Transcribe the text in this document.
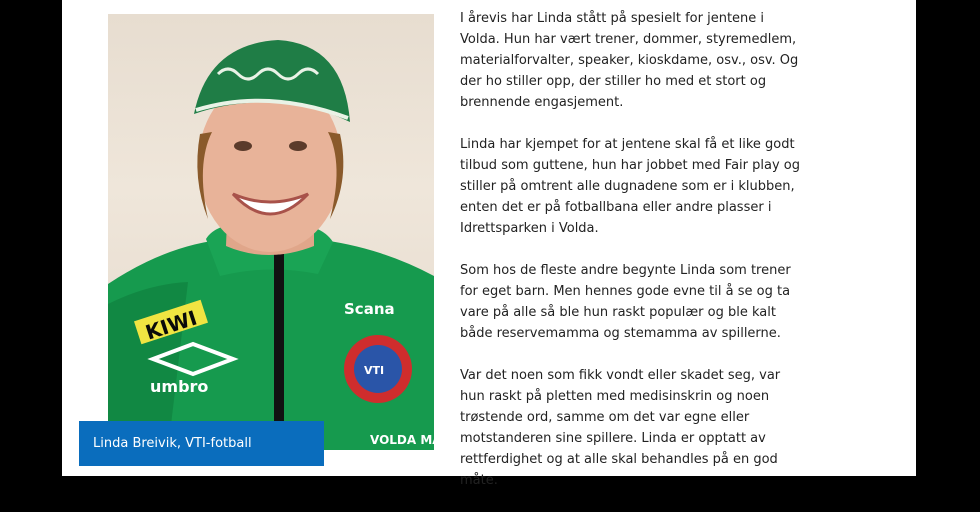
KIWI
umbro
Scana
VTI
VOLDA MA
Linda Breivik, VTI-fotball

I årevis har Linda stått på spesielt for jentene i Volda. Hun har vært trener, dommer, styremedlem, materialforvalter, speaker, kioskdame, osv., osv. Og der ho stiller opp, der stiller ho med et stort og brennende engasjement.

Linda har kjempet for at jentene skal få et like godt tilbud som guttene, hun har jobbet med Fair play og stiller på omtrent alle dugnadene som er i klubben, enten det er på fotballbana eller andre plasser i Idrettsparken i Volda.

Som hos de fleste andre begynte Linda som trener for eget barn. Men hennes gode evne til å se og ta vare på alle så ble hun raskt populær og ble kalt både reservemamma og stemamma av spillerne.

Var det noen som fikk vondt eller skadet seg, var hun raskt på pletten med medisinskrin og noen trøstende ord, samme om det var egne eller motstanderen sine spillere. Linda er opptatt av rettferdighet og at alle skal behandles på en god måte.
